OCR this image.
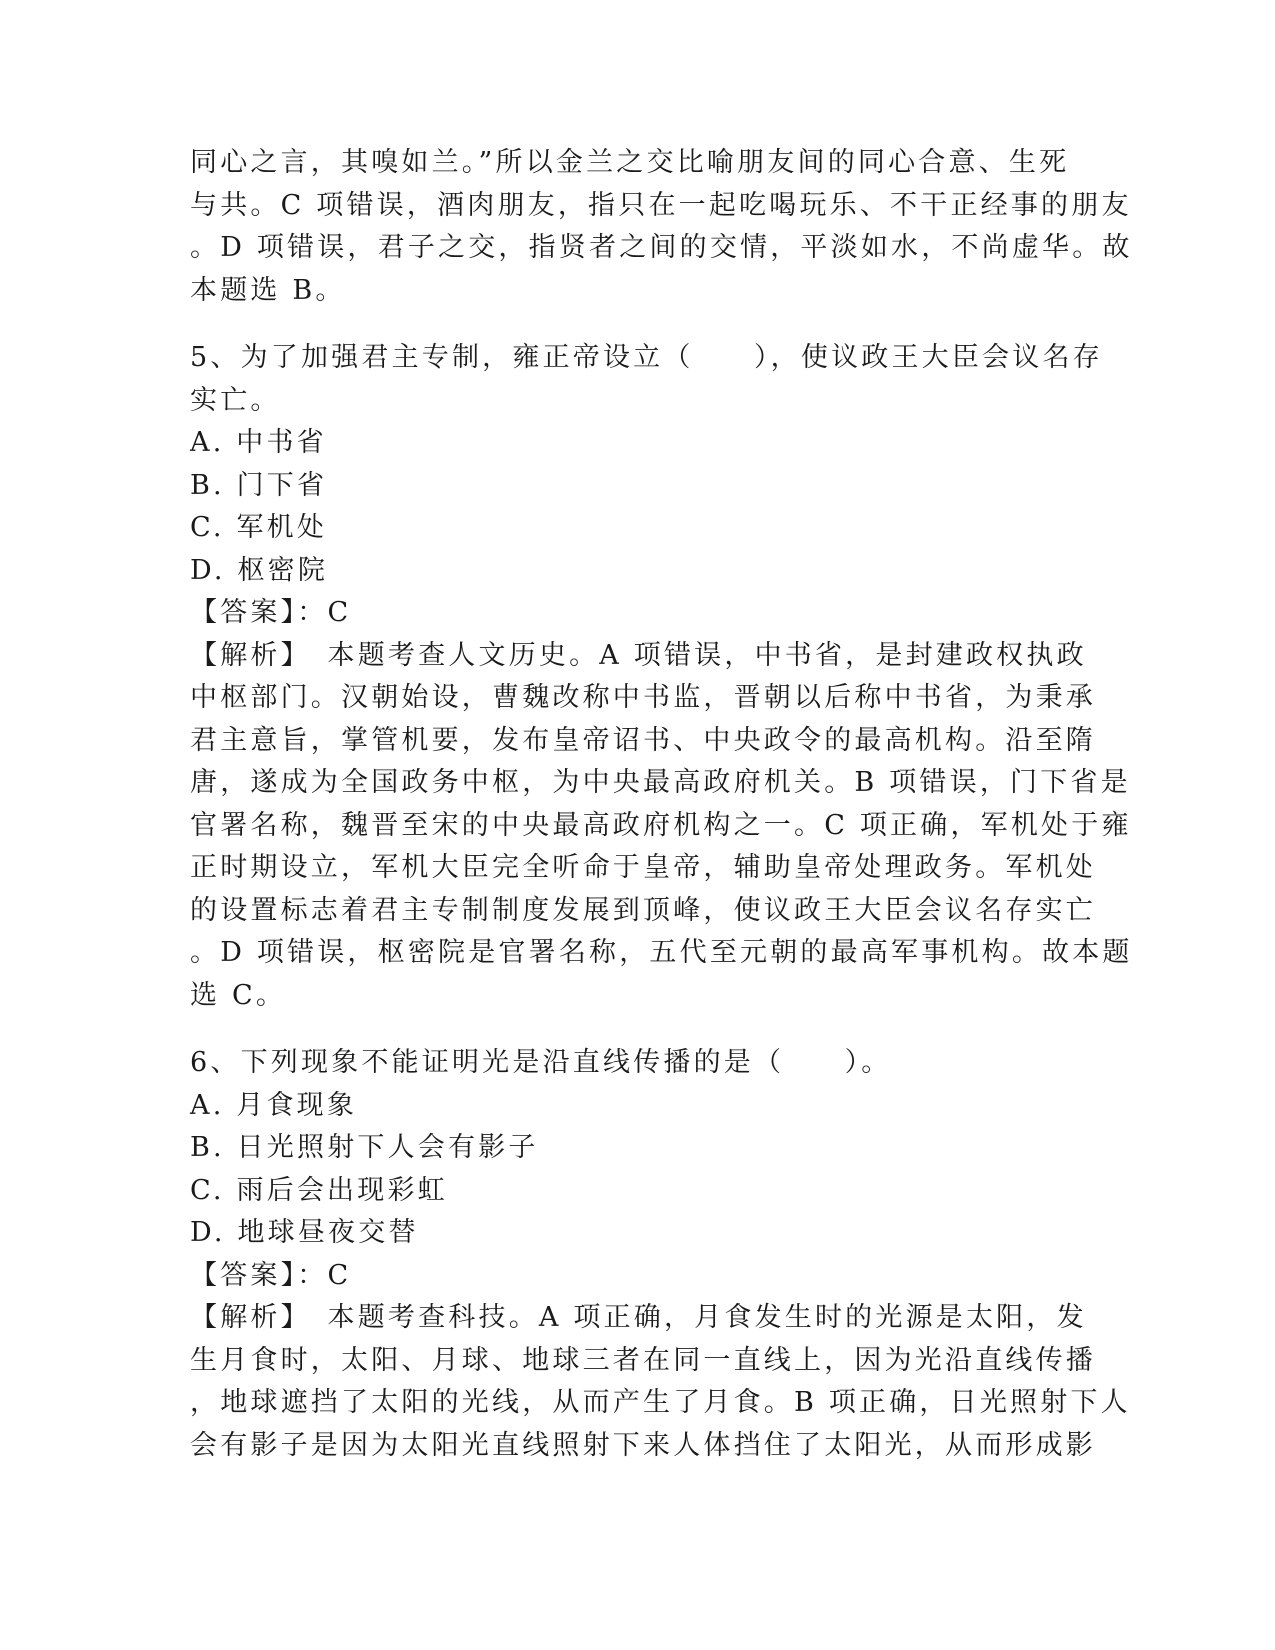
同心之言，其嗅如兰。”所以金兰之交比喻朋友间的同心合意、生死
与共。C 项错误，酒肉朋友，指只在一起吃喝玩乐、不干正经事的朋友
。D 项错误，君子之交，指贤者之间的交情，平淡如水，不尚虚华。故
本题选 B。
5、为了加强君主专制，雍正帝设立（　　），使议政王大臣会议名存
实亡。
A. 中书省
B. 门下省
C. 军机处
D. 枢密院
【答案】：C
【解析】　本题考查人文历史。A 项错误，中书省，是封建政权执政
中枢部门。汉朝始设，曹魏改称中书监，晋朝以后称中书省，为秉承
君主意旨，掌管机要，发布皇帝诏书、中央政令的最高机构。沿至隋
唐，遂成为全国政务中枢，为中央最高政府机关。B 项错误，门下省是
官署名称，魏晋至宋的中央最高政府机构之一。C 项正确，军机处于雍
正时期设立，军机大臣完全听命于皇帝，辅助皇帝处理政务。军机处
的设置标志着君主专制制度发展到顶峰，使议政王大臣会议名存实亡
。D 项错误，枢密院是官署名称，五代至元朝的最高军事机构。故本题
选 C。
6、下列现象不能证明光是沿直线传播的是（　　）。
A. 月食现象
B. 日光照射下人会有影子
C. 雨后会出现彩虹
D. 地球昼夜交替
【答案】：C
【解析】　本题考查科技。A 项正确，月食发生时的光源是太阳，发
生月食时，太阳、月球、地球三者在同一直线上，因为光沿直线传播
，地球遮挡了太阳的光线，从而产生了月食。B 项正确，日光照射下人
会有影子是因为太阳光直线照射下来人体挡住了太阳光，从而形成影
